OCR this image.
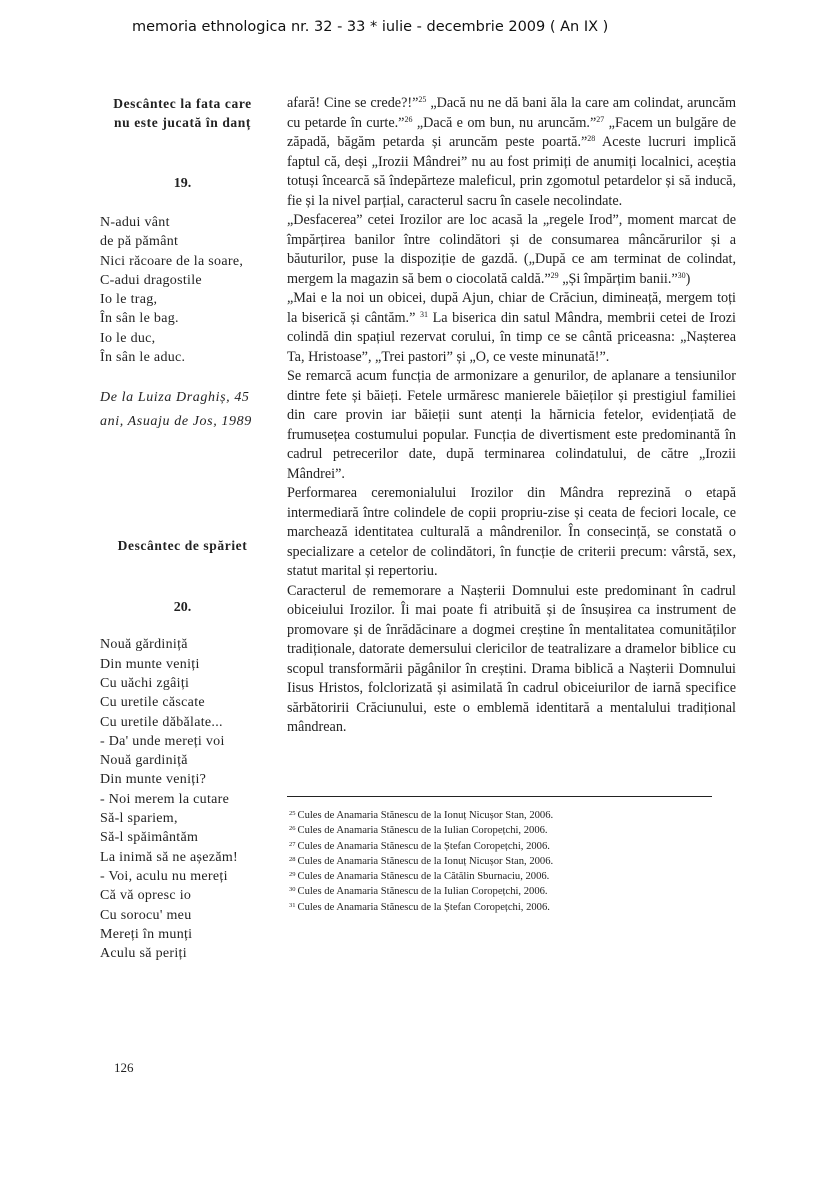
memoria ethnologica nr. 32 - 33 * iulie - decembrie 2009 ( An IX )

Descântec la fata care
nu este jucată în danț

19.

N-adui vânt
de pă pământ
Nici răcoare de la soare,
C-adui dragostile
Io le trag,
În sân le bag.
Io le duc,
În sân le aduc.

De la Luiza Draghiș, 45
ani, Asuaju de Jos, 1989

Descântec de spăriet

20.

Nouă gărdiniță
Din munte veniți
Cu uăchi zgâiți
Cu uretile căscate
Cu uretile dăbălate...
- Da' unde mereți voi
Nouă gardiniță
Din munte veniți?
- Noi merem la cutare
Să-l spariem,
Să-l spăimântăm
La inimă să ne așezăm!
- Voi, aculu nu mereți
Că vă opresc io
Cu sorocu' meu
Mereți în munți
Aculu să periți

afară! Cine se crede?!”$^{25}$ „Dacă nu ne dă bani ăla la care am colindat, aruncăm cu petarde în curte.”$^{26}$ „Dacă e om bun, nu aruncăm.”$^{27}$ „Facem un bulgăre de zăpadă, băgăm petarda și aruncăm peste poartă.”$^{28}$ Aceste lucruri implică faptul că, deși „Irozii Mândrei” nu au fost primiți de anumiți localnici, aceștia totuși încearcă să îndepărteze maleficul, prin zgomotul petardelor și să inducă, fie și la nivel parțial, caracterul sacru în casele necolindate.

„Desfacerea” cetei Irozilor are loc acasă la „regele Irod”, moment marcat de împărțirea banilor între colindători și de consumarea mâncărurilor și a băuturilor, puse la dispoziție de gazdă. („După ce am terminat de colindat, mergem la magazin să bem o ciocolată caldă.”$^{29}$ „Și împărțim banii.”$^{30}$)

„Mai e la noi un obicei, după Ajun, chiar de Crăciun, dimineață, mergem toți la biserică și cântăm.” $^{31}$ La biserica din satul Mândra, membrii cetei de Irozi colindă din spațiul rezervat corului, în timp ce se cântă priceasna: „Nașterea Ta, Hristoase”, „Trei pastori” și „O, ce veste minunată!”.

Se remarcă acum funcția de armonizare a genurilor, de aplanare a tensiunilor dintre fete și băieți. Fetele urmăresc manierele băieților și prestigiul familiei din care provin iar băieții sunt atenți la hărnicia fetelor, evidențiată de frumusețea costumului popular. Funcția de divertisment este predominantă în cadrul petrecerilor date, după terminarea colindatului, de către „Irozii Mândrei”.

Performarea ceremonialului Irozilor din Mândra reprezină o etapă intermediară între colindele de copii propriu-zise și ceata de feciori locale, ce marchează identitatea culturală a mândrenilor. În consecință, se constată o specializare a cetelor de colindători, în funcție de criterii precum: vârstă, sex, statut marital și repertoriu.

Caracterul de rememorare a Nașterii Domnului este predominant în cadrul obiceiului Irozilor. Îi mai poate fi atribuită și de însușirea ca instrument de promovare și de înrădăcinare a dogmei creștine în mentalitatea comunităților tradiționale, datorate demersului clericilor de teatralizare a dramelor biblice cu scopul transformării păgânilor în creștini. Drama biblică a Nașterii Domnului Iisus Hristos, folclorizată și asimilată în cadrul obiceiurilor de iarnă specifice sărbătoririi Crăciunului, este o emblemă identitară a mentalului tradițional mândrean.

$^{25}$ Cules de Anamaria Stănescu de la Ionuț Nicușor Stan, 2006.
$^{26}$ Cules de Anamaria Stănescu de la Iulian Coropețchi, 2006.
$^{27}$ Cules de Anamaria Stănescu de la Ștefan Coropețchi, 2006.
$^{28}$ Cules de Anamaria Stănescu de la Ionuț Nicușor Stan, 2006.
$^{29}$ Cules de Anamaria Stănescu de la Cătălin Sburnaciu, 2006.
$^{30}$ Cules de Anamaria Stănescu de la Iulian Coropețchi, 2006.
$^{31}$ Cules de Anamaria Stănescu de la Ștefan Coropețchi, 2006.
126
